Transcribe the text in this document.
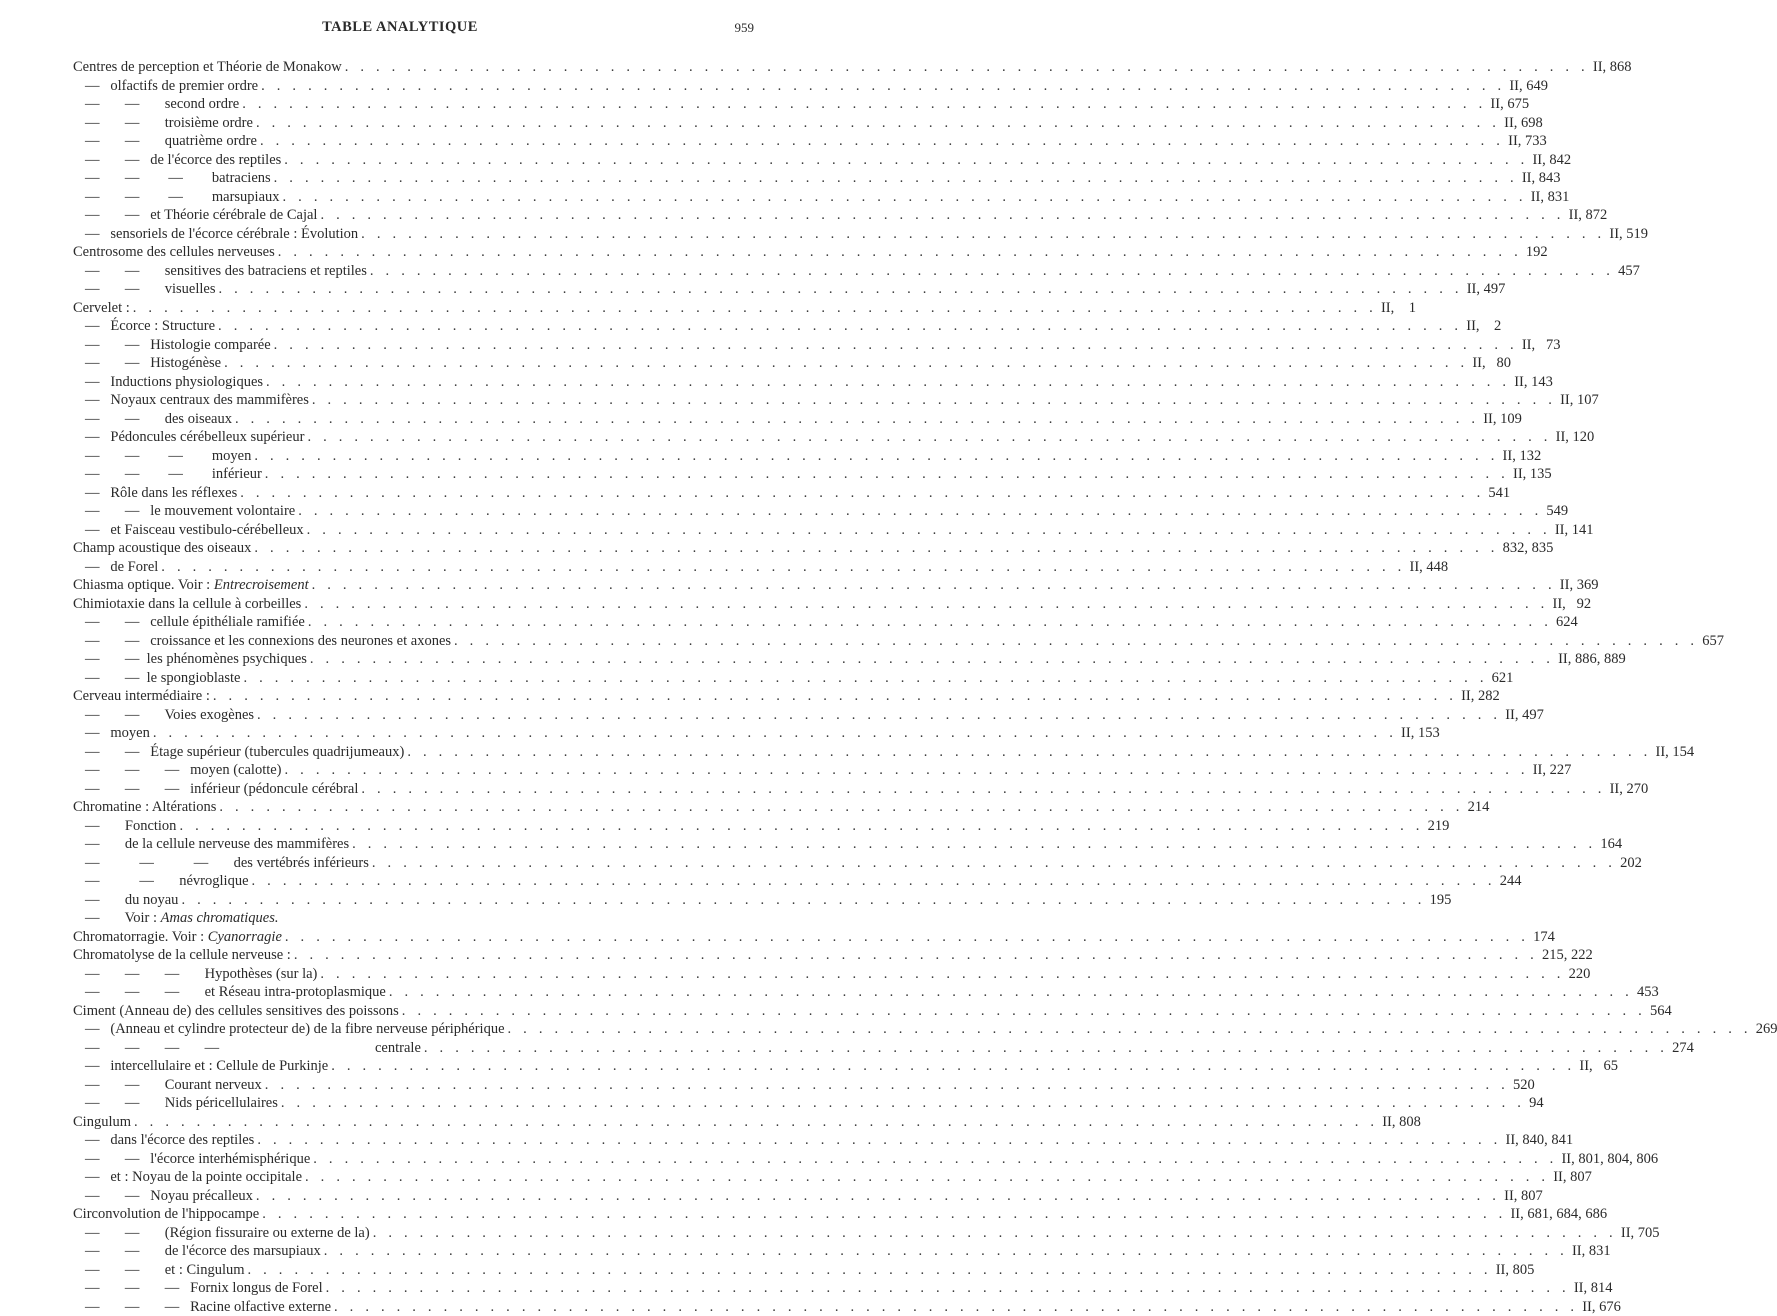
TABLE ANALYTIQUE	959
Centres de perception et Théorie de Monakow . . . . . . . . . . . . . . . . . . . . . . . . . . . . . . . . . . . . . . . . . . . . . . . . . . . . . . . . . . . . . . . . . . . . . . . . . . . . . . . . II, 868
—   olfactifs de premier ordre . . . . . . . . . . . . . . . . . . . . . . . . . . . . . . . . . . . . . . . . . . . . . . . . . . . . . . . . . . . . . . . . . . . . . . . . . . . . . . . . II, 649
—       —       second ordre . . . . . . . . . . . . . . . . . . . . . . . . . . . . . . . . . . . . . . . . . . . . . . . . . . . . . . . . . . . . . . . . . . . . . . . . . . . . . . . . II, 675
—       —       troisième ordre . . . . . . . . . . . . . . . . . . . . . . . . . . . . . . . . . . . . . . . . . . . . . . . . . . . . . . . . . . . . . . . . . . . . . . . . . . . . . . . . II, 698
—       —       quatrième ordre . . . . . . . . . . . . . . . . . . . . . . . . . . . . . . . . . . . . . . . . . . . . . . . . . . . . . . . . . . . . . . . . . . . . . . . . . . . . . . . . II, 733
—       —   de l'écorce des reptiles . . . . . . . . . . . . . . . . . . . . . . . . . . . . . . . . . . . . . . . . . . . . . . . . . . . . . . . . . . . . . . . . . . . . . . . . . . . . . . . . II, 842
—       —        —        batraciens . . . . . . . . . . . . . . . . . . . . . . . . . . . . . . . . . . . . . . . . . . . . . . . . . . . . . . . . . . . . . . . . . . . . . . . . . . . . . . . . II, 843
—       —        —        marsupiaux . . . . . . . . . . . . . . . . . . . . . . . . . . . . . . . . . . . . . . . . . . . . . . . . . . . . . . . . . . . . . . . . . . . . . . . . . . . . . . . . II, 831
—       —   et Théorie cérébrale de Cajal . . . . . . . . . . . . . . . . . . . . . . . . . . . . . . . . . . . . . . . . . . . . . . . . . . . . . . . . . . . . . . . . . . . . . . . . . . . . . . . . II, 872
—   sensoriels de l'écorce cérébrale : Évolution . . . . . . . . . . . . . . . . . . . . . . . . . . . . . . . . . . . . . . . . . . . . . . . . . . . . . . . . . . . . . . . . . . . . . . . . . . . . . . . . II, 519
Centrosome des cellules nerveuses . . . . . . . . . . . . . . . . . . . . . . . . . . . . . . . . . . . . . . . . . . . . . . . . . . . . . . . . . . . . . . . . . . . . . . . . . . . . . . . . 192
—       —       sensitives des batraciens et reptiles . . . . . . . . . . . . . . . . . . . . . . . . . . . . . . . . . . . . . . . . . . . . . . . . . . . . . . . . . . . . . . . . . . . . . . . . . . . . . . . . 457
—       —       visuelles . . . . . . . . . . . . . . . . . . . . . . . . . . . . . . . . . . . . . . . . . . . . . . . . . . . . . . . . . . . . . . . . . . . . . . . . . . . . . . . . II, 497
Cervelet : . . . . . . . . . . . . . . . . . . . . . . . . . . . . . . . . . . . . . . . . . . . . . . . . . . . . . . . . . . . . . . . . . . . . . . . . . . . . . . . . II,    1
—   Écorce : Structure . . . . . . . . . . . . . . . . . . . . . . . . . . . . . . . . . . . . . . . . . . . . . . . . . . . . . . . . . . . . . . . . . . . . . . . . . . . . . . . . II,    2
—       —   Histologie comparée . . . . . . . . . . . . . . . . . . . . . . . . . . . . . . . . . . . . . . . . . . . . . . . . . . . . . . . . . . . . . . . . . . . . . . . . . . . . . . . . II,   73
—       —   Histogénèse . . . . . . . . . . . . . . . . . . . . . . . . . . . . . . . . . . . . . . . . . . . . . . . . . . . . . . . . . . . . . . . . . . . . . . . . . . . . . . . . II,   80
—   Inductions physiologiques . . . . . . . . . . . . . . . . . . . . . . . . . . . . . . . . . . . . . . . . . . . . . . . . . . . . . . . . . . . . . . . . . . . . . . . . . . . . . . . . II, 143
—   Noyaux centraux des mammifères . . . . . . . . . . . . . . . . . . . . . . . . . . . . . . . . . . . . . . . . . . . . . . . . . . . . . . . . . . . . . . . . . . . . . . . . . . . . . . . . II, 107
—       —       des oiseaux . . . . . . . . . . . . . . . . . . . . . . . . . . . . . . . . . . . . . . . . . . . . . . . . . . . . . . . . . . . . . . . . . . . . . . . . . . . . . . . . II, 109
—   Pédoncules cérébelleux supérieur . . . . . . . . . . . . . . . . . . . . . . . . . . . . . . . . . . . . . . . . . . . . . . . . . . . . . . . . . . . . . . . . . . . . . . . . . . . . . . . . II, 120
—       —        —        moyen . . . . . . . . . . . . . . . . . . . . . . . . . . . . . . . . . . . . . . . . . . . . . . . . . . . . . . . . . . . . . . . . . . . . . . . . . . . . . . . . II, 132
—       —        —        inférieur . . . . . . . . . . . . . . . . . . . . . . . . . . . . . . . . . . . . . . . . . . . . . . . . . . . . . . . . . . . . . . . . . . . . . . . . . . . . . . . . II, 135
—   Rôle dans les réflexes . . . . . . . . . . . . . . . . . . . . . . . . . . . . . . . . . . . . . . . . . . . . . . . . . . . . . . . . . . . . . . . . . . . . . . . . . . . . . . . . 541
—       —   le mouvement volontaire . . . . . . . . . . . . . . . . . . . . . . . . . . . . . . . . . . . . . . . . . . . . . . . . . . . . . . . . . . . . . . . . . . . . . . . . . . . . . . . . 549
—   et Faisceau vestibulo-cérébelleux . . . . . . . . . . . . . . . . . . . . . . . . . . . . . . . . . . . . . . . . . . . . . . . . . . . . . . . . . . . . . . . . . . . . . . . . . . . . . . . . II, 141
Champ acoustique des oiseaux . . . . . . . . . . . . . . . . . . . . . . . . . . . . . . . . . . . . . . . . . . . . . . . . . . . . . . . . . . . . . . . . . . . . . . . . . . . . . . . . 832, 835
—   de Forel . . . . . . . . . . . . . . . . . . . . . . . . . . . . . . . . . . . . . . . . . . . . . . . . . . . . . . . . . . . . . . . . . . . . . . . . . . . . . . . . II, 448
Chiasma optique. Voir : Entrecroisement . . . . . . . . . . . . . . . . . . . . . . . . . . . . . . . . . . . . . . . . . . . . . . . . . . . . . . . . . . . . . . . . . . . . . . . . . . . . . . . . II, 369
Chimiotaxie dans la cellule à corbeilles . . . . . . . . . . . . . . . . . . . . . . . . . . . . . . . . . . . . . . . . . . . . . . . . . . . . . . . . . . . . . . . . . . . . . . . . . . . . . . . . II,   92
—       —   cellule épithéliale ramifiée . . . . . . . . . . . . . . . . . . . . . . . . . . . . . . . . . . . . . . . . . . . . . . . . . . . . . . . . . . . . . . . . . . . . . . . . . . . . . . . . 624
—       —   croissance et les connexions des neurones et axones . . . . . . . . . . . . . . . . . . . . . . . . . . . . . . . . . . . . . . . . . . . . . . . . . . . . . . . . . . . . . . . . . . . . . . . . . . . . . . . . 657
—       —  les phénomènes psychiques . . . . . . . . . . . . . . . . . . . . . . . . . . . . . . . . . . . . . . . . . . . . . . . . . . . . . . . . . . . . . . . . . . . . . . . . . . . . . . . . II, 886, 889
—       —  le spongioblaste . . . . . . . . . . . . . . . . . . . . . . . . . . . . . . . . . . . . . . . . . . . . . . . . . . . . . . . . . . . . . . . . . . . . . . . . . . . . . . . . 621
Cerveau intermédiaire : . . . . . . . . . . . . . . . . . . . . . . . . . . . . . . . . . . . . . . . . . . . . . . . . . . . . . . . . . . . . . . . . . . . . . . . . . . . . . . . . II, 282
—       —       Voies exogènes . . . . . . . . . . . . . . . . . . . . . . . . . . . . . . . . . . . . . . . . . . . . . . . . . . . . . . . . . . . . . . . . . . . . . . . . . . . . . . . . II, 497
—   moyen . . . . . . . . . . . . . . . . . . . . . . . . . . . . . . . . . . . . . . . . . . . . . . . . . . . . . . . . . . . . . . . . . . . . . . . . . . . . . . . . II, 153
—       —   Étage supérieur (tubercules quadrijumeaux) . . . . . . . . . . . . . . . . . . . . . . . . . . . . . . . . . . . . . . . . . . . . . . . . . . . . . . . . . . . . . . . . . . . . . . . . . . . . . . . . II, 154
—       —       —   moyen (calotte) . . . . . . . . . . . . . . . . . . . . . . . . . . . . . . . . . . . . . . . . . . . . . . . . . . . . . . . . . . . . . . . . . . . . . . . . . . . . . . . . II, 227
—       —       —   inférieur (pédoncule cérébral . . . . . . . . . . . . . . . . . . . . . . . . . . . . . . . . . . . . . . . . . . . . . . . . . . . . . . . . . . . . . . . . . . . . . . . . . . . . . . . . II, 270
Chromatine : Altérations . . . . . . . . . . . . . . . . . . . . . . . . . . . . . . . . . . . . . . . . . . . . . . . . . . . . . . . . . . . . . . . . . . . . . . . . . . . . . . . . 214
—       Fonction . . . . . . . . . . . . . . . . . . . . . . . . . . . . . . . . . . . . . . . . . . . . . . . . . . . . . . . . . . . . . . . . . . . . . . . . . . . . . . . . 219
—       de la cellule nerveuse des mammifères . . . . . . . . . . . . . . . . . . . . . . . . . . . . . . . . . . . . . . . . . . . . . . . . . . . . . . . . . . . . . . . . . . . . . . . . . . . . . . . . 164
—           —           —       des vertébrés inférieurs . . . . . . . . . . . . . . . . . . . . . . . . . . . . . . . . . . . . . . . . . . . . . . . . . . . . . . . . . . . . . . . . . . . . . . . . . . . . . . . . 202
—           —       névroglique . . . . . . . . . . . . . . . . . . . . . . . . . . . . . . . . . . . . . . . . . . . . . . . . . . . . . . . . . . . . . . . . . . . . . . . . . . . . . . . . 244
—       du noyau . . . . . . . . . . . . . . . . . . . . . . . . . . . . . . . . . . . . . . . . . . . . . . . . . . . . . . . . . . . . . . . . . . . . . . . . . . . . . . . . 195
—       Voir : Amas chromatiques.
Chromatorragie. Voir : Cyanorragie . . . . . . . . . . . . . . . . . . . . . . . . . . . . . . . . . . . . . . . . . . . . . . . . . . . . . . . . . . . . . . . . . . . . . . . . . . . . . . . . 174
Chromatolyse de la cellule nerveuse : . . . . . . . . . . . . . . . . . . . . . . . . . . . . . . . . . . . . . . . . . . . . . . . . . . . . . . . . . . . . . . . . . . . . . . . . . . . . . . . . 215, 222
—       —       —       Hypothèses (sur la) . . . . . . . . . . . . . . . . . . . . . . . . . . . . . . . . . . . . . . . . . . . . . . . . . . . . . . . . . . . . . . . . . . . . . . . . . . . . . . . . 220
—       —       —       et Réseau intra-protoplasmique . . . . . . . . . . . . . . . . . . . . . . . . . . . . . . . . . . . . . . . . . . . . . . . . . . . . . . . . . . . . . . . . . . . . . . . . . . . . . . . . 453
Ciment (Anneau de) des cellules sensitives des poissons . . . . . . . . . . . . . . . . . . . . . . . . . . . . . . . . . . . . . . . . . . . . . . . . . . . . . . . . . . . . . . . . . . . . . . . . . . . . . . . . 564
—   (Anneau et cylindre protecteur de) de la fibre nerveuse périphérique . . . . . . . . . . . . . . . . . . . . . . . . . . . . . . . . . . . . . . . . . . . . . . . . . . . . . . . . . . . . . . . . . . . . . . . . . . . . . . . . 269
—       —       —       —                                           centrale . . . . . . . . . . . . . . . . . . . . . . . . . . . . . . . . . . . . . . . . . . . . . . . . . . . . . . . . . . . . . . . . . . . . . . . . . . . . . . . . 274
—   intercellulaire et : Cellule de Purkinje . . . . . . . . . . . . . . . . . . . . . . . . . . . . . . . . . . . . . . . . . . . . . . . . . . . . . . . . . . . . . . . . . . . . . . . . . . . . . . . . II,   65
—       —       Courant nerveux . . . . . . . . . . . . . . . . . . . . . . . . . . . . . . . . . . . . . . . . . . . . . . . . . . . . . . . . . . . . . . . . . . . . . . . . . . . . . . . . 520
—       —       Nids péricellulaires . . . . . . . . . . . . . . . . . . . . . . . . . . . . . . . . . . . . . . . . . . . . . . . . . . . . . . . . . . . . . . . . . . . . . . . . . . . . . . . . 94
Cingulum . . . . . . . . . . . . . . . . . . . . . . . . . . . . . . . . . . . . . . . . . . . . . . . . . . . . . . . . . . . . . . . . . . . . . . . . . . . . . . . . II, 808
—   dans l'écorce des reptiles . . . . . . . . . . . . . . . . . . . . . . . . . . . . . . . . . . . . . . . . . . . . . . . . . . . . . . . . . . . . . . . . . . . . . . . . . . . . . . . . II, 840, 841
—       —   l'écorce interhémisphérique . . . . . . . . . . . . . . . . . . . . . . . . . . . . . . . . . . . . . . . . . . . . . . . . . . . . . . . . . . . . . . . . . . . . . . . . . . . . . . . . II, 801, 804, 806
—   et : Noyau de la pointe occipitale . . . . . . . . . . . . . . . . . . . . . . . . . . . . . . . . . . . . . . . . . . . . . . . . . . . . . . . . . . . . . . . . . . . . . . . . . . . . . . . . II, 807
—       —   Noyau précalleux . . . . . . . . . . . . . . . . . . . . . . . . . . . . . . . . . . . . . . . . . . . . . . . . . . . . . . . . . . . . . . . . . . . . . . . . . . . . . . . . II, 807
Circonvolution de l'hippocampe . . . . . . . . . . . . . . . . . . . . . . . . . . . . . . . . . . . . . . . . . . . . . . . . . . . . . . . . . . . . . . . . . . . . . . . . . . . . . . . . II, 681, 684, 686
—       —       (Région fissuraire ou externe de la) . . . . . . . . . . . . . . . . . . . . . . . . . . . . . . . . . . . . . . . . . . . . . . . . . . . . . . . . . . . . . . . . . . . . . . . . . . . . . . . . II, 705
—       —       de l'écorce des marsupiaux . . . . . . . . . . . . . . . . . . . . . . . . . . . . . . . . . . . . . . . . . . . . . . . . . . . . . . . . . . . . . . . . . . . . . . . . . . . . . . . . II, 831
—       —       et : Cingulum . . . . . . . . . . . . . . . . . . . . . . . . . . . . . . . . . . . . . . . . . . . . . . . . . . . . . . . . . . . . . . . . . . . . . . . . . . . . . . . . II, 805
—       —       —   Fornix longus de Forel . . . . . . . . . . . . . . . . . . . . . . . . . . . . . . . . . . . . . . . . . . . . . . . . . . . . . . . . . . . . . . . . . . . . . . . . . . . . . . . . II, 814
—       —       —   Racine olfactive externe . . . . . . . . . . . . . . . . . . . . . . . . . . . . . . . . . . . . . . . . . . . . . . . . . . . . . . . . . . . . . . . . . . . . . . . . . . . . . . . . II, 676
